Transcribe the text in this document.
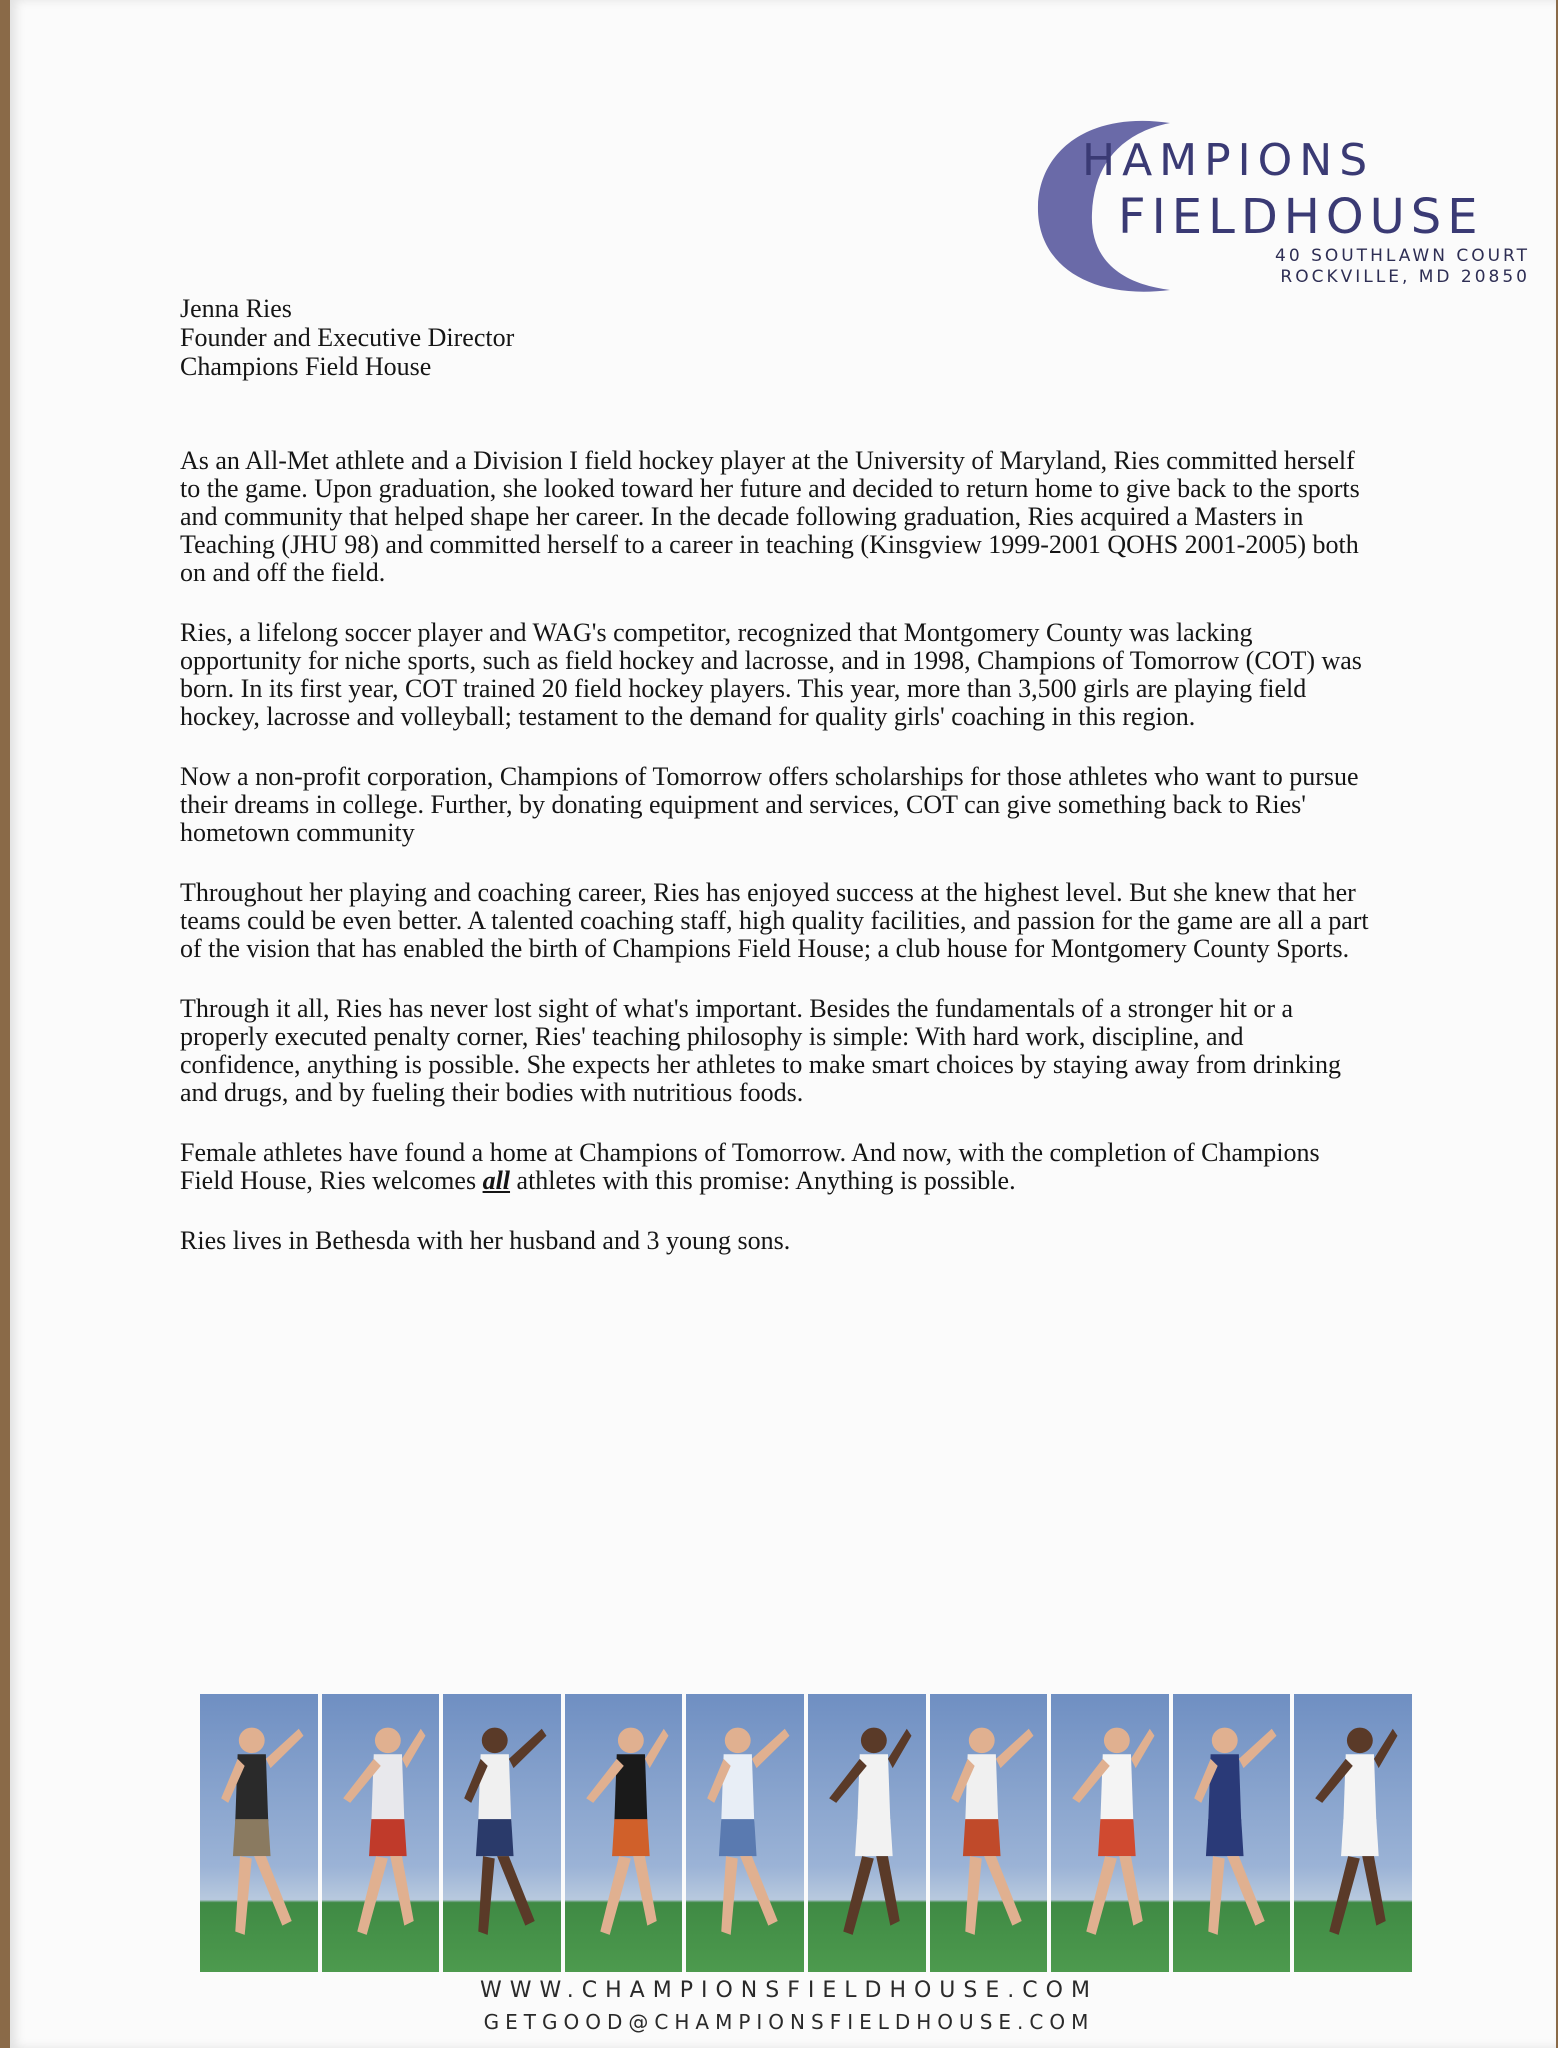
HAMPIONS
FIELDHOUSE
40 SOUTHLAWN COURT
ROCKVILLE, MD 20850
Jenna Ries
Founder and Executive Director
Champions Field House

As an All-Met athlete and a Division I field hockey player at the University of Maryland, Ries committed herself to the game. Upon graduation, she looked toward her future and decided to return home to give back to the sports and community that helped shape her career. In the decade following graduation, Ries acquired a Masters in Teaching (JHU 98) and committed herself to a career in teaching (Kinsgview 1999-2001 QOHS 2001-2005) both on and off the field.

Ries, a lifelong soccer player and WAG's competitor, recognized that Montgomery County was lacking opportunity for niche sports, such as field hockey and lacrosse, and in 1998, Champions of Tomorrow (COT) was born. In its first year, COT trained 20 field hockey players. This year, more than 3,500 girls are playing field hockey, lacrosse and volleyball; testament to the demand for quality girls' coaching in this region.

Now a non-profit corporation, Champions of Tomorrow offers scholarships for those athletes who want to pursue their dreams in college. Further, by donating equipment and services, COT can give something back to Ries' hometown community

Throughout her playing and coaching career, Ries has enjoyed success at the highest level. But she knew that her teams could be even better. A talented coaching staff, high quality facilities, and passion for the game are all a part of the vision that has enabled the birth of Champions Field House; a club house for Montgomery County Sports.

Through it all, Ries has never lost sight of what's important. Besides the fundamentals of a stronger hit or a properly executed penalty corner, Ries' teaching philosophy is simple: With hard work, discipline, and confidence, anything is possible. She expects her athletes to make smart choices by staying away from drinking and drugs, and by fueling their bodies with nutritious foods.

Female athletes have found a home at Champions of Tomorrow. And now, with the completion of Champions Field House, Ries welcomes all athletes with this promise: Anything is possible.

Ries lives in Bethesda with her husband and 3 young sons.

WWW.CHAMPIONSFIELDHOUSE.COM
GETGOOD@CHAMPIONSFIELDHOUSE.COM
